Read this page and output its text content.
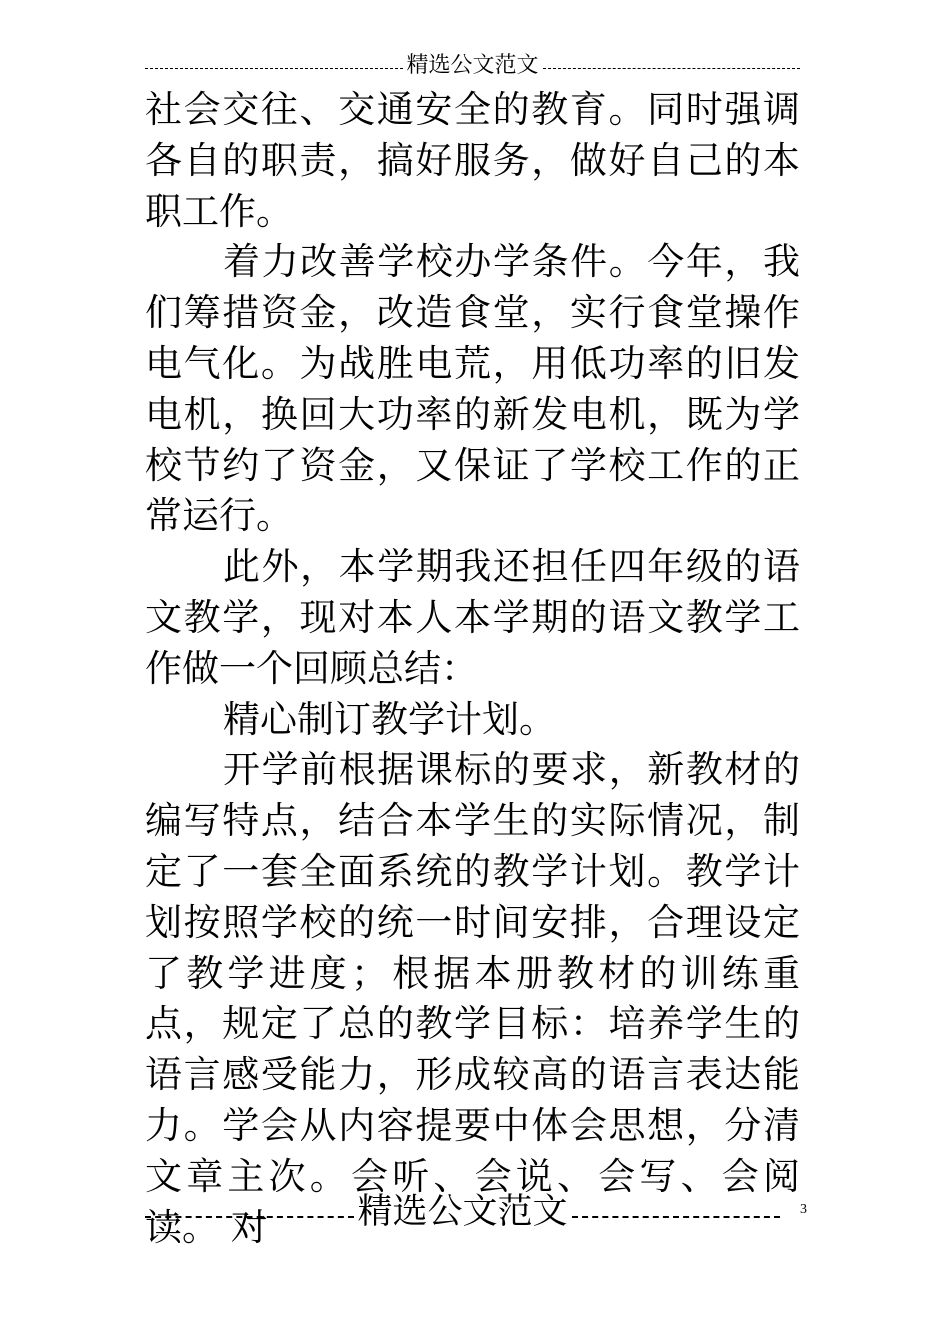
精选公文范文

社会交往、交通安全的教育。同时强调各自的职责，搞好服务，做好自己的本职工作。

着力改善学校办学条件。今年，我们筹措资金，改造食堂，实行食堂操作电气化。为战胜电荒，用低功率的旧发电机，换回大功率的新发电机，既为学校节约了资金，又保证了学校工作的正常运行。

此外，本学期我还担任四年级的语文教学，现对本人本学期的语文教学工作做一个回顾总结：

精心制订教学计划。

开学前根据课标的要求，新教材的编写特点，结合本学生的实际情况，制定了一套全面系统的教学计划。教学计划按照学校的统一时间安排，合理设定了教学进度；根据本册教材的训练重点，规定了总的教学目标：培养学生的语言感受能力，形成较高的语言表达能力。学会从内容提要中体会思想，分清文章主次。会听、会说、会写、会阅读。 对	精选公文范文	3
